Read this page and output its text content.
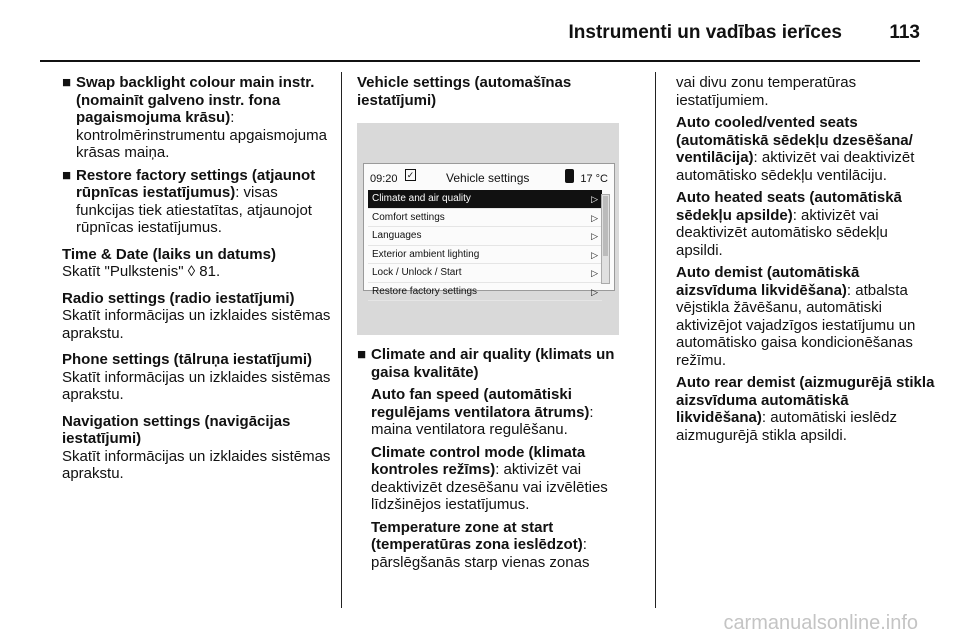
Instrumenti un vadības ierīces 113
■ Swap backlight colour main instr. (nomainīt galveno instr. fona pagaismojuma krāsu): kontrolmērinstrumentu apgaismojuma krāsas maiņa.
■ Restore factory settings (atjaunot rūpnīcas iestatījumus): visas funkcijas tiek atiestatītas, atjaunojot rūpnīcas iestatījumus.
Time & Date (laiks un datums)
Skatīt "Pulkstenis" ◊ 81.
Radio settings (radio iestatījumi)
Skatīt informācijas un izklaides sistēmas aprakstu.
Phone settings (tālruņa iestatījumi)
Skatīt informācijas un izklaides sistēmas aprakstu.
Navigation settings (navigācijas iestatījumi)
Skatīt informācijas un izklaides sistēmas aprakstu.
Vehicle settings (automašīnas iestatījumi)
09:20 ✓	Vehicle settings	17 °C
Climate and air quality	▷
Comfort settings	▷
Languages	▷
Exterior ambient lighting	▷
Lock / Unlock / Start	▷
Restore factory settings	▷
■ Climate and air quality (klimats un gaisa kvalitāte)
Auto fan speed (automātiski regulējams ventilatora ātrums): maina ventilatora regulēšanu.
Climate control mode (klimata kontroles režīms): aktivizēt vai deaktivizēt dzesēšanu vai izvēlēties līdzšinējos iestatījumus.
Temperature zone at start (temperatūras zona ieslēdzot): pārslēgšanās starp vienas zonas
vai divu zonu temperatūras iestatījumiem.
Auto cooled/vented seats (automātiskā sēdekļu dzesēšana/ ventilācija): aktivizēt vai deaktivizēt automātisko sēdekļu ventilāciju.
Auto heated seats (automātiskā sēdekļu apsilde): aktivizēt vai deaktivizēt automātisko sēdekļu apsildi.
Auto demist (automātiskā aizsvīduma likvidēšana): atbalsta vējstikla žāvēšanu, automātiski aktivizējot vajadzīgos iestatījumu un automātisko gaisa kondicionēšanas režīmu.
Auto rear demist (aizmugurējā stikla aizsvīduma automātiskā likvidēšana): automātiski ieslēdz aizmugurējā stikla apsildi.
carmanualsonline.info
